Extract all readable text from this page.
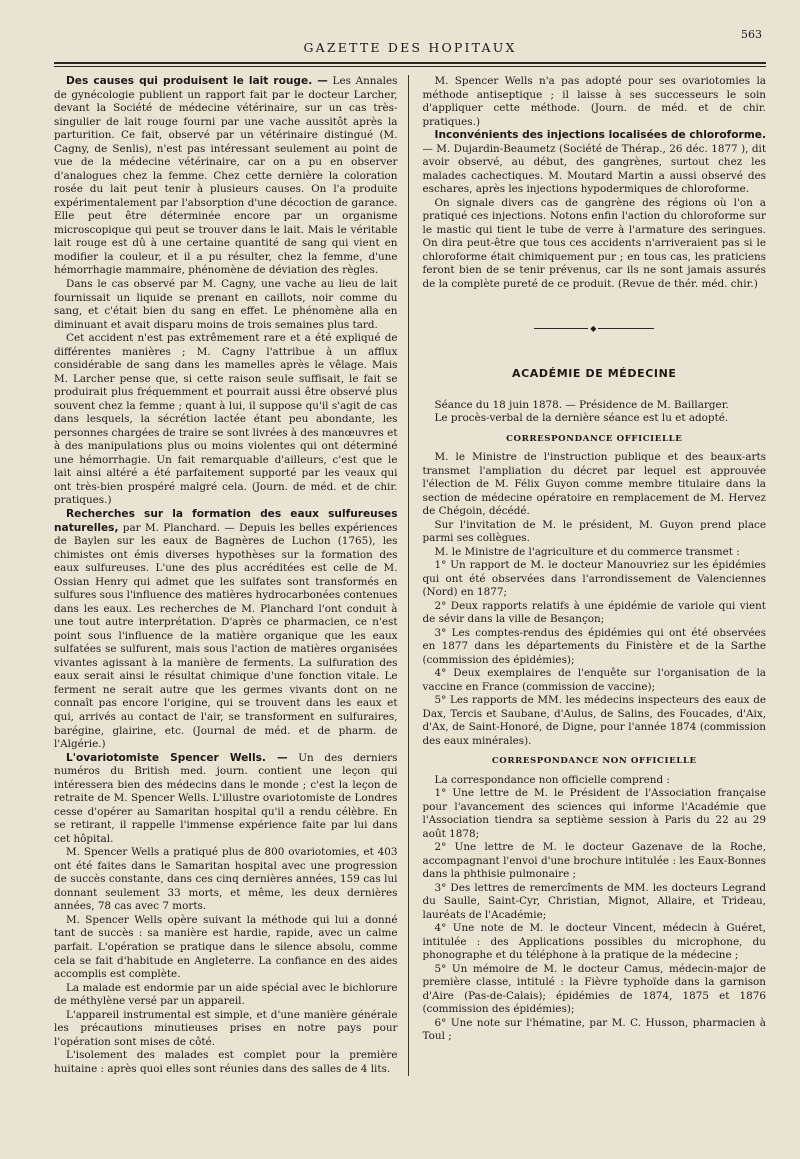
GAZETTE DES HOPITAUX
563

Des causes qui produisent le lait rouge. — Les Annales de gynécologie publient un rapport fait par le docteur Larcher, devant la Société de médecine vétérinaire, sur un cas très-singulier de lait rouge fourni par une vache aussitôt après la parturition. Ce fait, observé par un vétérinaire distingué (M. Cagny, de Senlis), n'est pas intéressant seulement au point de vue de la médecine vétérinaire, car on a pu en observer d'analogues chez la femme. Chez cette dernière la coloration rosée du lait peut tenir à plusieurs causes. On l'a produite expérimentalement par l'absorption d'une décoction de garance. Elle peut être déterminée encore par un organisme microscopique qui peut se trouver dans le lait. Mais le véritable lait rouge est dû à une certaine quantité de sang qui vient en modifier la couleur, et il a pu résulter, chez la femme, d'une hémorrhagie mammaire, phénomène de déviation des règles.

Dans le cas observé par M. Cagny, une vache au lieu de lait fournissait un liquide se prenant en caillots, noir comme du sang, et c'était bien du sang en effet. Le phénomène alla en diminuant et avait disparu moins de trois semaines plus tard.

Cet accident n'est pas extrêmement rare et a été expliqué de différentes manières ; M. Cagny l'attribue à un afflux considérable de sang dans les mamelles après le vêlage. Mais M. Larcher pense que, si cette raison seule suffisait, le fait se produirait plus fréquemment et pourrait aussi être observé plus souvent chez la femme ; quant à lui, il suppose qu'il s'agit de cas dans lesquels, la sécrétion lactée étant peu abondante, les personnes chargées de traire se sont livrées à des manœuvres et à des manipulations plus ou moins violentes qui ont déterminé une hémorrhagie. Un fait remarquable d'ailleurs, c'est que le lait ainsi altéré a été parfaitement supporté par les veaux qui ont très-bien prospéré malgré cela. (Journ. de méd. et de chir. pratiques.)

Recherches sur la formation des eaux sulfureuses naturelles, par M. Planchard. — Depuis les belles expériences de Baylen sur les eaux de Bagnères de Luchon (1765), les chimistes ont émis diverses hypothèses sur la formation des eaux sulfureuses. L'une des plus accréditées est celle de M. Ossian Henry qui admet que les sulfates sont transformés en sulfures sous l'influence des matières hydrocarbonées contenues dans les eaux. Les recherches de M. Planchard l'ont conduit à une tout autre interprétation. D'après ce pharmacien, ce n'est point sous l'influence de la matière organique que les eaux sulfatées se sulfurent, mais sous l'action de matières organisées vivantes agissant à la manière de ferments. La sulfuration des eaux serait ainsi le résultat chimique d'une fonction vitale. Le ferment ne serait autre que les germes vivants dont on ne connaît pas encore l'origine, qui se trouvent dans les eaux et qui, arrivés au contact de l'air, se transforment en sulfuraires, barégine, glairine, etc. (Journal de méd. et de pharm. de l'Algérie.)

L'ovariotomiste Spencer Wells. — Un des derniers numéros du British med. journ. contient une leçon qui intéressera bien des médecins dans le monde ; c'est la leçon de retraite de M. Spencer Wells. L'illustre ovariotomiste de Londres cesse d'opérer au Samaritan hospital qu'il a rendu célèbre. En se retirant, il rappelle l'immense expérience faite par lui dans cet hôpital.

M. Spencer Wells a pratiqué plus de 800 ovariotomies, et 403 ont été faites dans le Samaritan hospital avec une progression de succès constante, dans ces cinq dernières années, 159 cas lui donnant seulement 33 morts, et même, les deux dernières années, 78 cas avec 7 morts.

M. Spencer Wells opère suivant la méthode qui lui a donné tant de succès : sa manière est hardie, rapide, avec un calme parfait. L'opération se pratique dans le silence absolu, comme cela se fait d'habitude en Angleterre. La confiance en des aides accomplis est complète.

La malade est endormie par un aide spécial avec le bichlorure de méthylène versé par un appareil.

L'appareil instrumental est simple, et d'une manière générale les précautions minutieuses prises en notre pays pour l'opération sont mises de côté.

L'isolement des malades est complet pour la première huitaine : après quoi elles sont réunies dans des salles de 4 lits.

M. Spencer Wells n'a pas adopté pour ses ovariotomies la méthode antiseptique ; il laisse à ses successeurs le soin d'appliquer cette méthode. (Journ. de méd. et de chir. pratiques.)

Inconvénients des injections localisées de chloroforme. — M. Dujardin-Beaumetz (Société de Thérap., 26 déc. 1877 ), dit avoir observé, au début, des gangrènes, surtout chez les malades cachectiques. M. Moutard Martin a aussi observé des eschares, après les injections hypodermiques de chloroforme.

On signale divers cas de gangrène des régions où l'on a pratiqué ces injections. Notons enfin l'action du chloroforme sur le mastic qui tient le tube de verre à l'armature des seringues. On dira peut-être que tous ces accidents n'arriveraient pas si le chloroforme était chimiquement pur ; en tous cas, les praticiens feront bien de se tenir prévenus, car ils ne sont jamais assurés de la complète pureté de ce produit. (Revue de thér. méd. chir.)

◆
ACADÉMIE DE MÉDECINE

Séance du 18 juin 1878. — Présidence de M. Baillarger.

Le procès-verbal de la dernière séance est lu et adopté.

CORRESPONDANCE OFFICIELLE

M. le Ministre de l'instruction publique et des beaux-arts transmet l'ampliation du décret par lequel est approuvée l'élection de M. Félix Guyon comme membre titulaire dans la section de médecine opératoire en remplacement de M. Hervez de Chégoin, décédé.

Sur l'invitation de M. le président, M. Guyon prend place parmi ses collègues.

M. le Ministre de l'agriculture et du commerce transmet :

1° Un rapport de M. le docteur Manouvriez sur les épidémies qui ont été observées dans l'arrondissement de Valenciennes (Nord) en 1877;

2° Deux rapports relatifs à une épidémie de variole qui vient de sévir dans la ville de Besançon;

3° Les comptes-rendus des épidémies qui ont été observées en 1877 dans les départements du Finistère et de la Sarthe (commission des épidémies);

4° Deux exemplaires de l'enquête sur l'organisation de la vaccine en France (commission de vaccine);

5° Les rapports de MM. les médecins inspecteurs des eaux de Dax, Tercis et Saubane, d'Aulus, de Salins, des Foucades, d'Aix, d'Ax, de Saint-Honoré, de Digne, pour l'année 1874 (commission des eaux minérales).

CORRESPONDANCE NON OFFICIELLE

La correspondance non officielle comprend :

1° Une lettre de M. le Président de l'Association française pour l'avancement des sciences qui informe l'Académie que l'Association tiendra sa septième session à Paris du 22 au 29 août 1878;

2° Une lettre de M. le docteur Gazenave de la Roche, accompagnant l'envoi d'une brochure intitulée : les Eaux-Bonnes dans la phthisie pulmonaire ;

3° Des lettres de remercîments de MM. les docteurs Legrand du Saulle, Saint-Cyr, Christian, Mignot, Allaire, et Trideau, lauréats de l'Académie;

4° Une note de M. le docteur Vincent, médecin à Guéret, intitulée : des Applications possibles du microphone, du phonographe et du téléphone à la pratique de la médecine ;

5° Un mémoire de M. le docteur Camus, médecin-major de première classe, intitulé : la Fièvre typhoïde dans la garnison d'Aire (Pas-de-Calais); épidémies de 1874, 1875 et 1876 (commission des épidémies);

6° Une note sur l'hématine, par M. C. Husson, pharmacien à Toul ;
